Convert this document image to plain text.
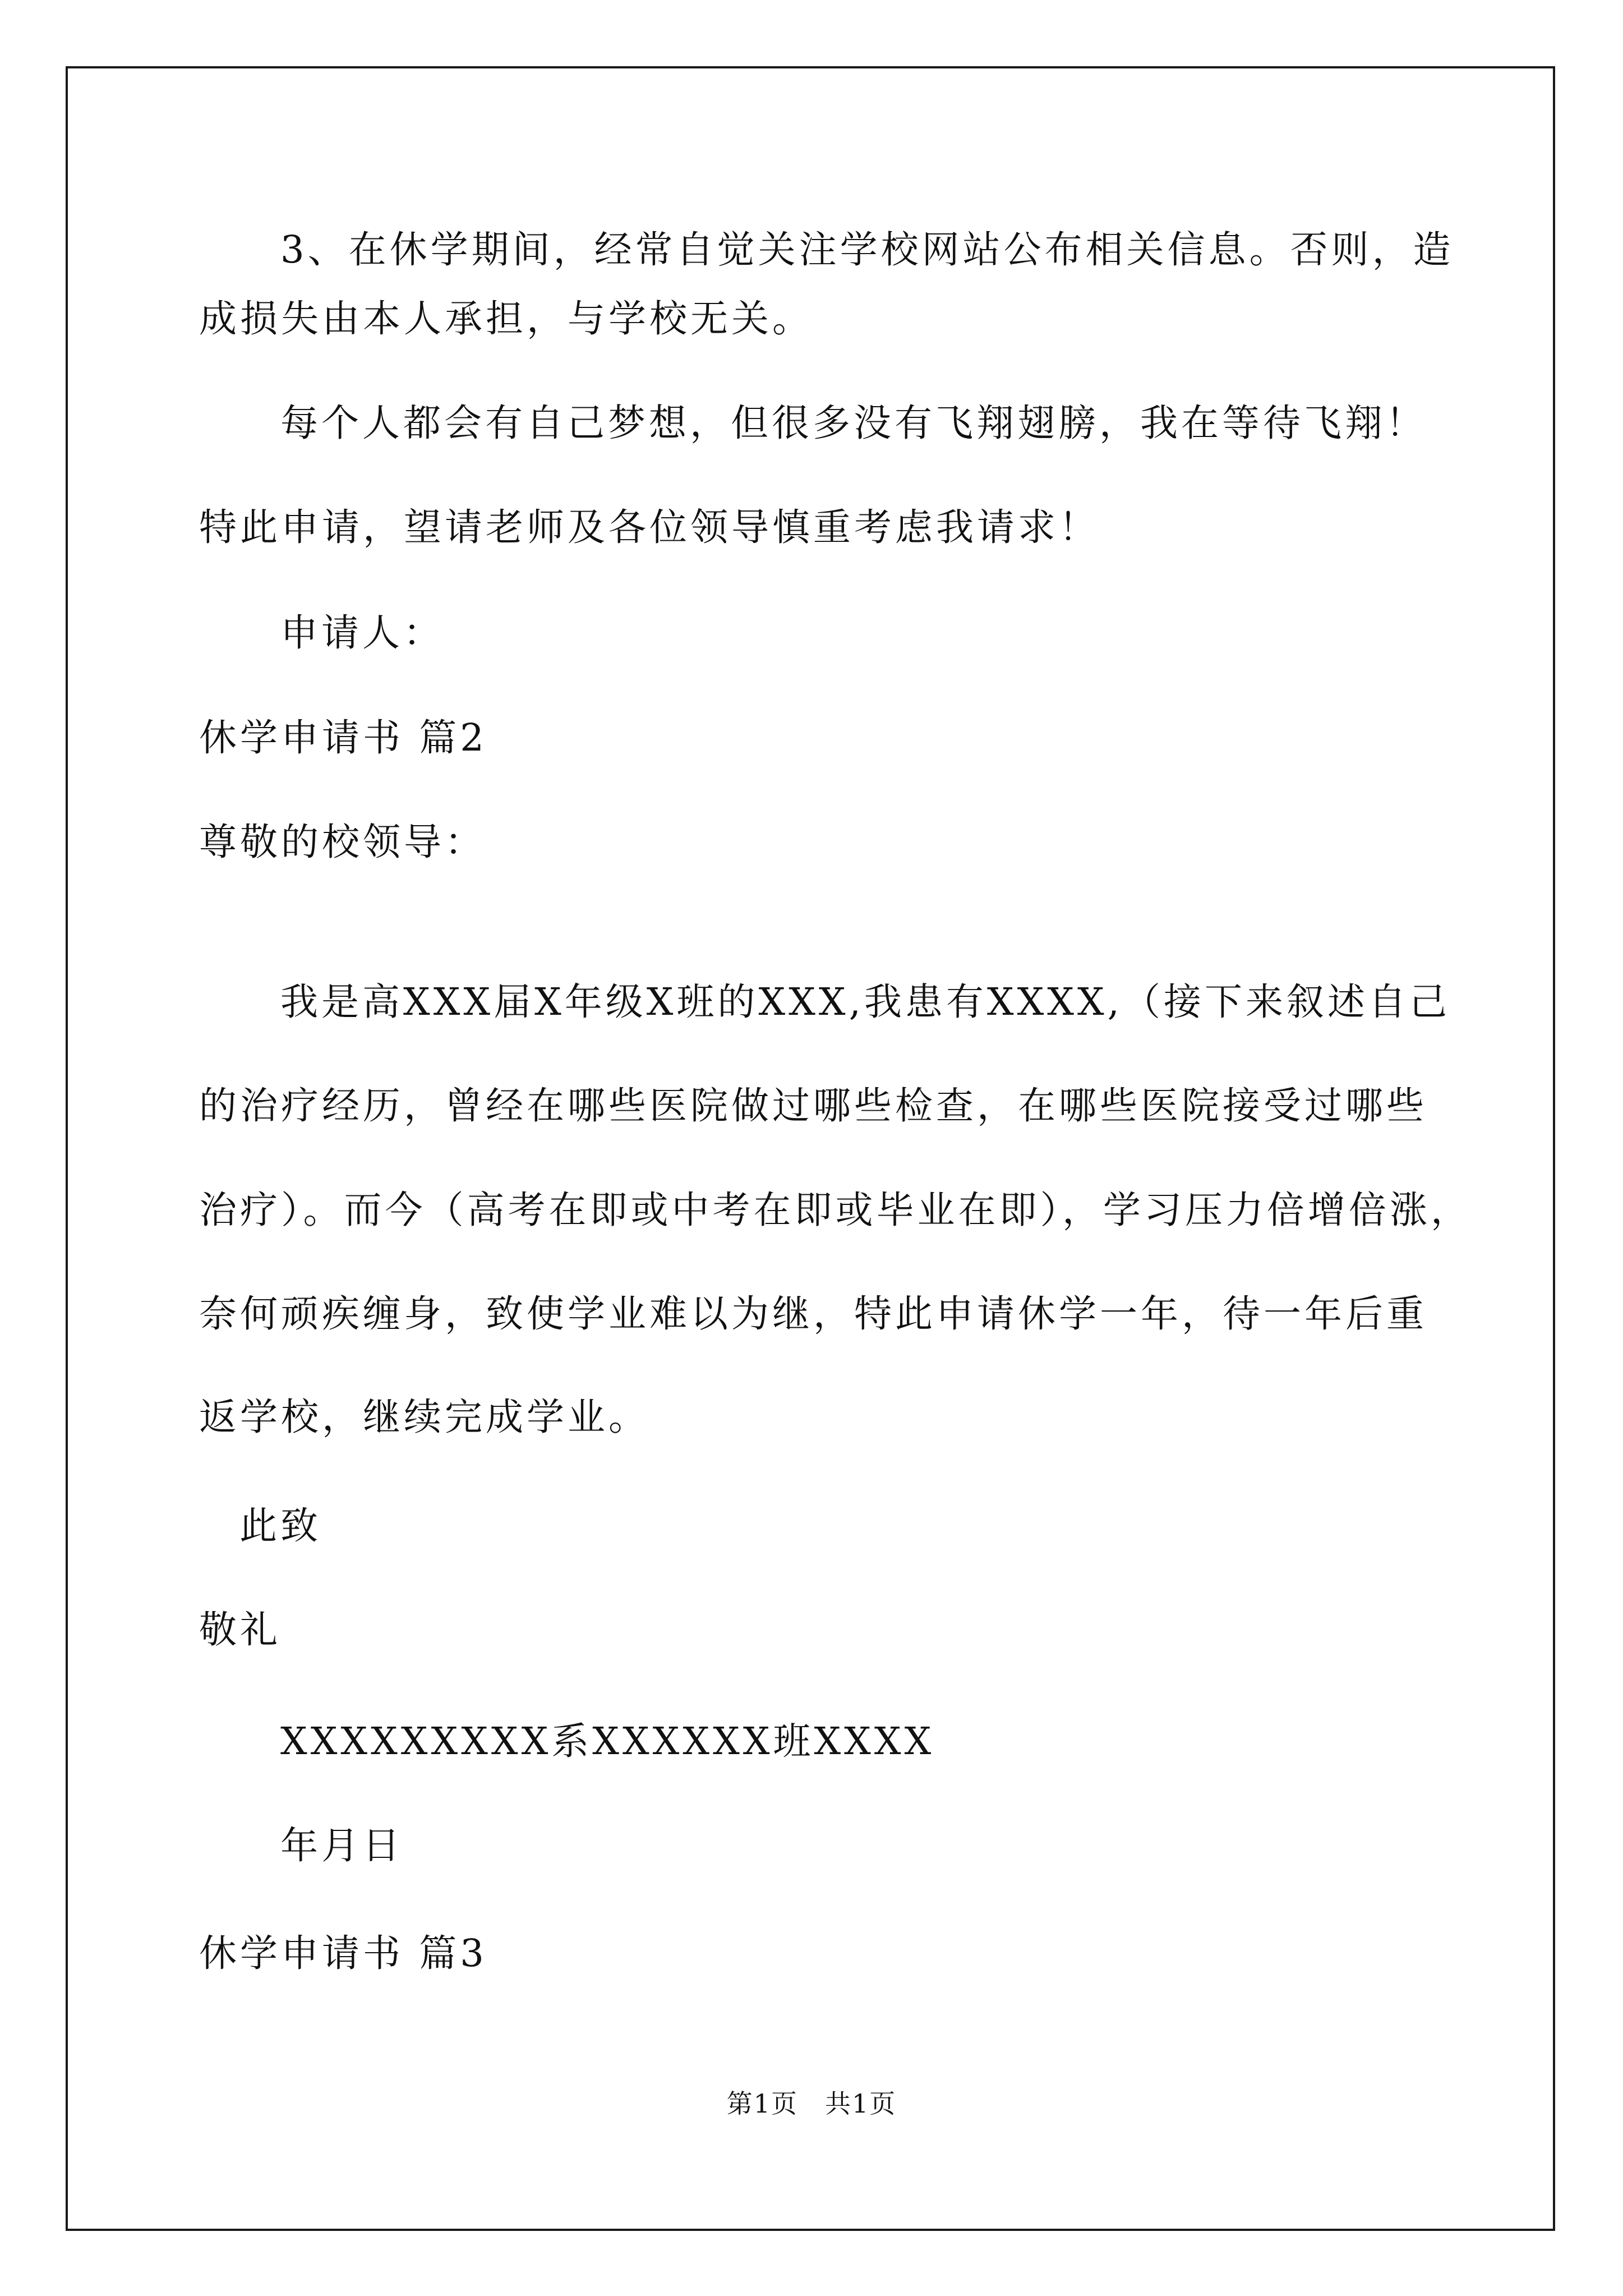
3、在休学期间，经常自觉关注学校网站公布相关信息。否则，造
成损失由本人承担，与学校无关。
每个人都会有自己梦想，但很多没有飞翔翅膀，我在等待飞翔！
特此申请，望请老师及各位领导慎重考虑我请求！
申请人：
休学申请书 篇2
尊敬的校领导：
我是高XXX届X年级X班的XXX,我患有XXXX,（接下来叙述自己
的治疗经历，曾经在哪些医院做过哪些检查，在哪些医院接受过哪些
治疗）。而今（高考在即或中考在即或毕业在即），学习压力倍增倍涨，
奈何顽疾缠身，致使学业难以为继，特此申请休学一年，待一年后重
返学校，继续完成学业。
此致
敬礼
XXXXXXXXX系XXXXXX班XXXX
年月日
休学申请书 篇3
第1页　共1页
